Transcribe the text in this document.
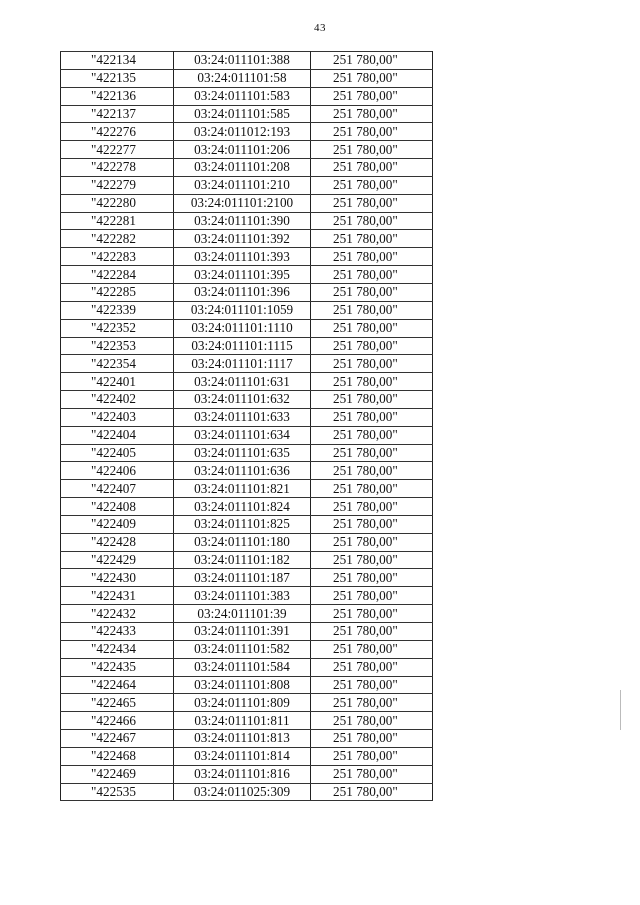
43
"422134	03:24:011101:388	251 780,00"
"422135	03:24:011101:58	251 780,00"
"422136	03:24:011101:583	251 780,00"
"422137	03:24:011101:585	251 780,00"
"422276	03:24:011012:193	251 780,00"
"422277	03:24:011101:206	251 780,00"
"422278	03:24:011101:208	251 780,00"
"422279	03:24:011101:210	251 780,00"
"422280	03:24:011101:2100	251 780,00"
"422281	03:24:011101:390	251 780,00"
"422282	03:24:011101:392	251 780,00"
"422283	03:24:011101:393	251 780,00"
"422284	03:24:011101:395	251 780,00"
"422285	03:24:011101:396	251 780,00"
"422339	03:24:011101:1059	251 780,00"
"422352	03:24:011101:1110	251 780,00"
"422353	03:24:011101:1115	251 780,00"
"422354	03:24:011101:1117	251 780,00"
"422401	03:24:011101:631	251 780,00"
"422402	03:24:011101:632	251 780,00"
"422403	03:24:011101:633	251 780,00"
"422404	03:24:011101:634	251 780,00"
"422405	03:24:011101:635	251 780,00"
"422406	03:24:011101:636	251 780,00"
"422407	03:24:011101:821	251 780,00"
"422408	03:24:011101:824	251 780,00"
"422409	03:24:011101:825	251 780,00"
"422428	03:24:011101:180	251 780,00"
"422429	03:24:011101:182	251 780,00"
"422430	03:24:011101:187	251 780,00"
"422431	03:24:011101:383	251 780,00"
"422432	03:24:011101:39	251 780,00"
"422433	03:24:011101:391	251 780,00"
"422434	03:24:011101:582	251 780,00"
"422435	03:24:011101:584	251 780,00"
"422464	03:24:011101:808	251 780,00"
"422465	03:24:011101:809	251 780,00"
"422466	03:24:011101:811	251 780,00"
"422467	03:24:011101:813	251 780,00"
"422468	03:24:011101:814	251 780,00"
"422469	03:24:011101:816	251 780,00"
"422535	03:24:011025:309	251 780,00"
